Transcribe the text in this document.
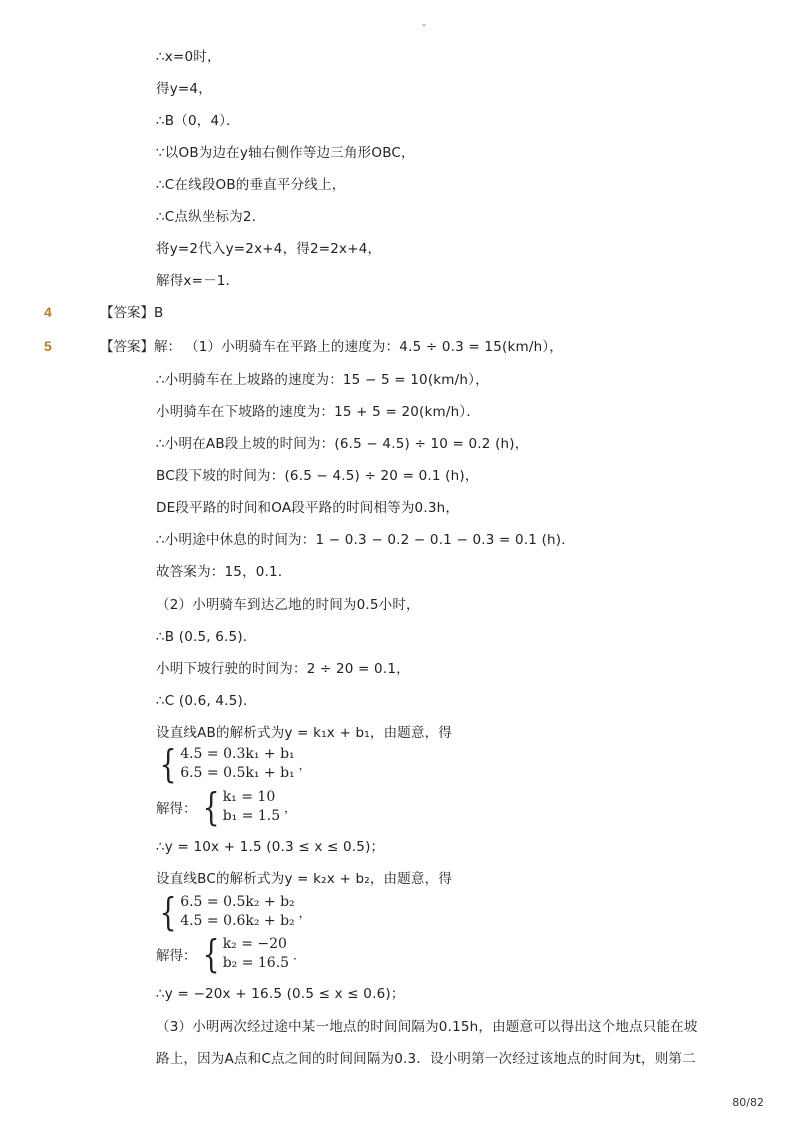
-
∴x=0时，
得y=4，
∴B（0，4）．
∵以OB为边在y轴右侧作等边三角形OBC，
∴C在线段OB的垂直平分线上，
∴C点纵坐标为2．
将y=2代入y=2x+4，得2=2x+4，
解得x=－1．
4	【答案】B
5	【答案】解： （1）小明骑车在平路上的速度为：4.5 ÷ 0.3 = 15(km/h），
∴小明骑车在上坡路的速度为：15 − 5 = 10(km/h），
小明骑车在下坡路的速度为：15 + 5 = 20(km/h）．
∴小明在AB段上坡的时间为：(6.5 − 4.5) ÷ 10 = 0.2 (h)，
BC段下坡的时间为：(6.5 − 4.5) ÷ 20 = 0.1 (h)，
DE段平路的时间和OA段平路的时间相等为0.3h，
∴小明途中休息的时间为：1 − 0.3 − 0.2 − 0.1 − 0.3 = 0.1 (h)．
故答案为：15，0.1．
（2）小明骑车到达乙地的时间为0.5小时，
∴B (0.5, 6.5)．
小明下坡行驶的时间为：2 ÷ 20 = 0.1，
∴C (0.6, 4.5)．
设直线AB的解析式为y = k₁x + b₁，由题意，得
{ 4.5 = 0.3k₁ + b₁
6.5 = 0.5k₁ + b₁
，
解得： { k₁ = 10
b₁ = 1.5
，
∴y = 10x + 1.5 (0.3 ≤ x ≤ 0.5)；
设直线BC的解析式为y = k₂x + b₂，由题意，得
{ 6.5 = 0.5k₂ + b₂
4.5 = 0.6k₂ + b₂
，
解得： { k₂ = −20
b₂ = 16.5
．
∴y = −20x + 16.5 (0.5 ≤ x ≤ 0.6)；
（3）小明两次经过途中某一地点的时间间隔为0.15h，由题意可以得出这个地点只能在坡
路上，因为A点和C点之间的时间间隔为0.3．设小明第一次经过该地点的时间为t，则第二
80/82
